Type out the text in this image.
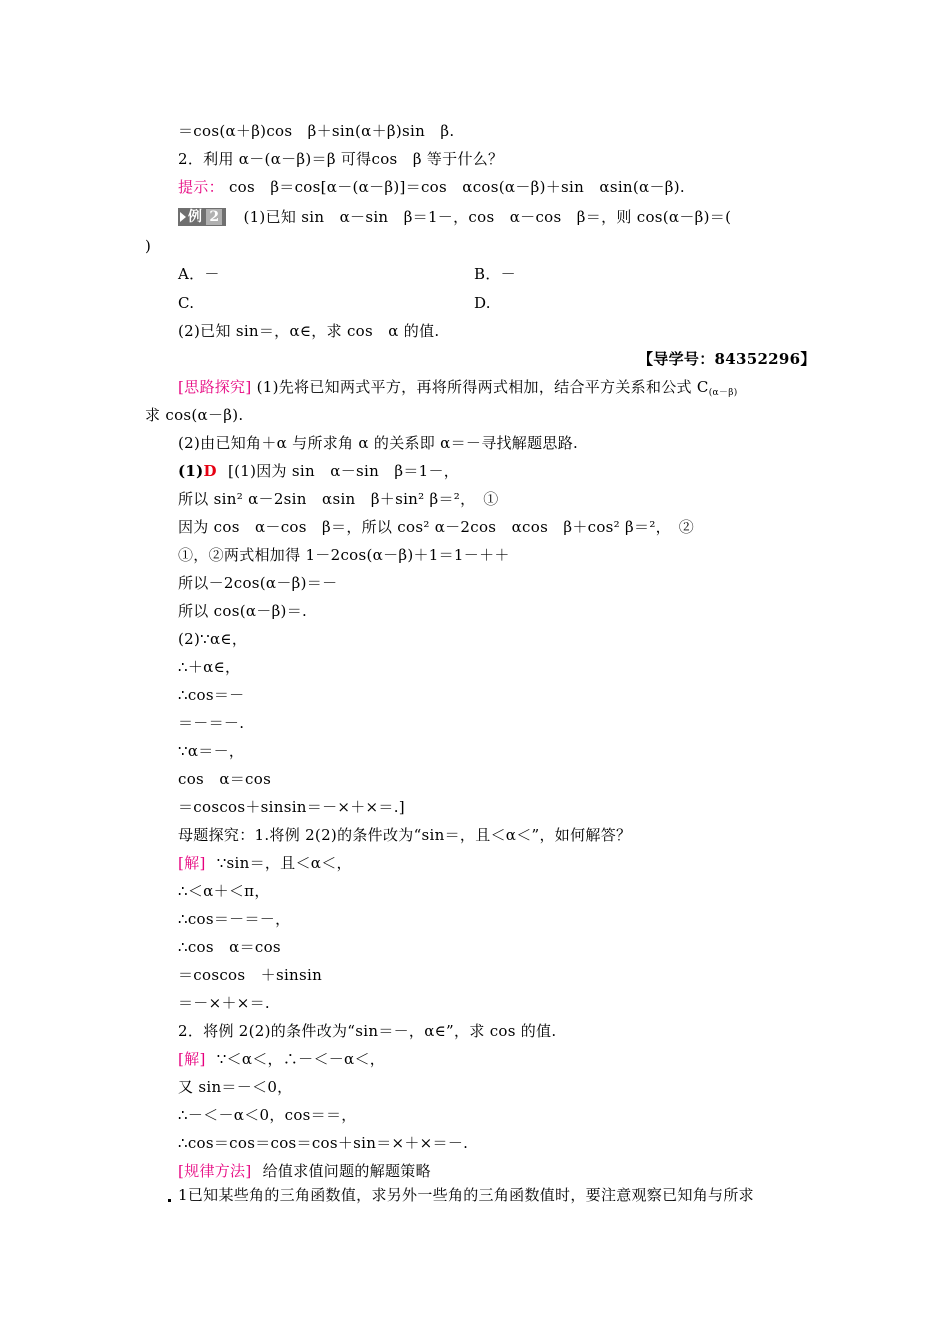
＝cos(α＋β)cos　β＋sin(α＋β)sin　β.
2．利用 α－(α－β)＝β 可得cos　β 等于什么？
提示： cos　β＝cos[α－(α－β)]＝cos　αcos(α－β)＋sin　αsin(α－β).
例 2 (1)已知 sin　α－sin　β＝1－，cos　α－cos　β＝，则 cos(α－β)＝(
)
A．－	B．－
C.	D.
(2)已知 sin＝，α∈，求 cos　α 的值.
【导学号：84352296】
[思路探究] (1)先将已知两式平方，再将所得两式相加，结合平方关系和公式 $C_{(\alpha-\beta)}$
求 cos(α－β).
(2)由已知角＋α 与所求角 α 的关系即 α＝－寻找解题思路.
(1)D [(1)因为 sin　α－sin　β＝1－，
所以 sin² α－2sin　αsin　β＋sin² β＝²，　①
因为 cos　α－cos　β＝，所以 cos² α－2cos　αcos　β＋cos² β＝²，　②
①，②两式相加得 1－2cos(α－β)＋1＝1－＋＋
所以－2cos(α－β)＝－
所以 cos(α－β)＝.
(2)∵α∈，
∴＋α∈，
∴cos＝－
＝－＝－.
∵α＝－，
cos　α＝cos
＝coscos＋sinsin＝－×＋×＝.]
母题探究：1.将例 2(2)的条件改为“sin＝，且＜α＜”，如何解答？
[解] ∵sin＝，且＜α＜，
∴＜α＋＜π，
∴cos＝－＝－，
∴cos　α＝cos
＝coscos　＋sinsin
＝－×＋×＝.
2．将例 2(2)的条件改为“sin＝－，α∈”，求 cos 的值.
[解] ∵＜α＜，∴－＜－α＜，
又 sin＝－＜0，
∴－＜－α＜0，cos＝＝，
∴cos＝cos＝cos＝cos＋sin＝×＋×＝－.
[规律方法] 给值求值问题的解题策略
1已知某些角的三角函数值，求另外一些角的三角函数值时，要注意观察已知角与所求
